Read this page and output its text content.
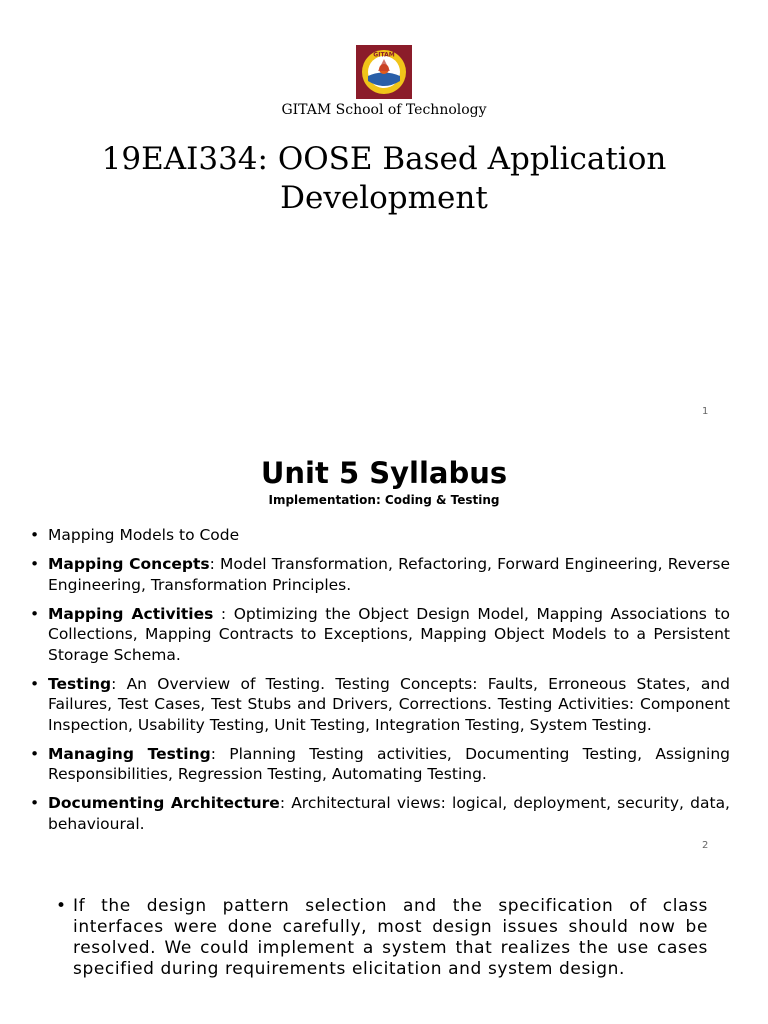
GITAM
GITAM School of Technology
19EAI334: OOSE Based Application Development
1
Unit 5 Syllabus
Implementation: Coding & Testing
• Mapping Models to Code
• Mapping Concepts: Model Transformation, Refactoring, Forward Engineering, Reverse Engineering, Transformation Principles.
• Mapping Activities : Optimizing the Object Design Model, Mapping Associations to Collections, Mapping Contracts to Exceptions, Mapping Object Models to a Persistent Storage Schema.
• Testing: An Overview of Testing. Testing Concepts: Faults, Erroneous States, and Failures, Test Cases, Test Stubs and Drivers, Corrections. Testing Activities: Component Inspection, Usability Testing, Unit Testing, Integration Testing, System Testing.
• Managing Testing: Planning Testing activities, Documenting Testing, Assigning Responsibilities, Regression Testing, Automating Testing.
• Documenting Architecture: Architectural views: logical, deployment, security, data, behavioural.
2
• If the design pattern selection and the specification of class interfaces were done carefully, most design issues should now be resolved. We could implement a system that realizes the use cases specified during requirements elicitation and system design.
